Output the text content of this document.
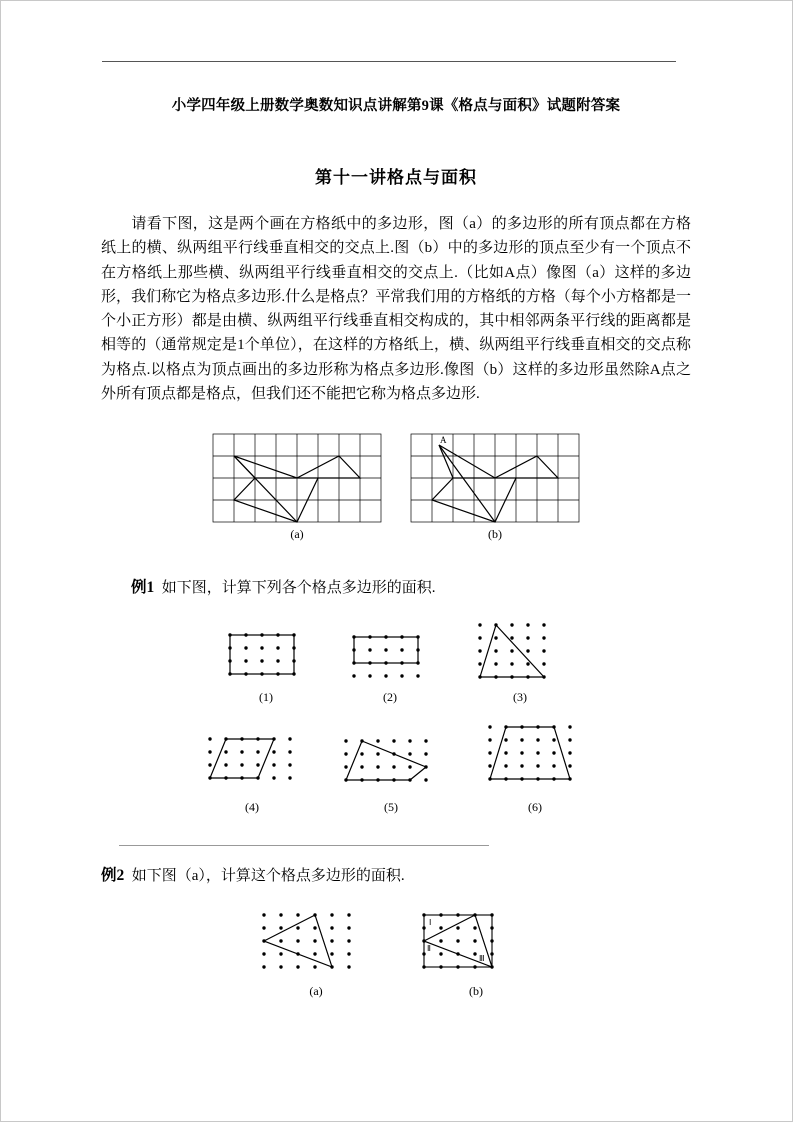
小学四年级上册数学奥数知识点讲解第9课《格点与面积》试题附答案
第十一讲格点与面积
请看下图，这是两个画在方格纸中的多边形，图（a）的多边形的所有顶点都在方格纸上的横、纵两组平行线垂直相交的交点上.图（b）中的多边形的顶点至少有一个顶点不在方格纸上那些横、纵两组平行线垂直相交的交点上.（比如A点）像图（a）这样的多边形，我们称它为格点多边形.什么是格点？平常我们用的方格纸的方格（每个小方格都是一个小正方形）都是由横、纵两组平行线垂直相交构成的，其中相邻两条平行线的距离都是相等的（通常规定是1个单位），在这样的方格纸上，横、纵两组平行线垂直相交的交点称为格点.以格点为顶点画出的多边形称为格点多边形.像图（b）这样的多边形虽然除A点之外所有顶点都是格点，但我们还不能把它称为格点多边形.
(a)
A
(b)
例1 如下图，计算下列各个格点多边形的面积.
(1)	(2)	(3)
(4)	(5)	(6)
例2 如下图（a），计算这个格点多边形的面积.
(a)
Ⅰ
Ⅱ
Ⅲ
(b)
